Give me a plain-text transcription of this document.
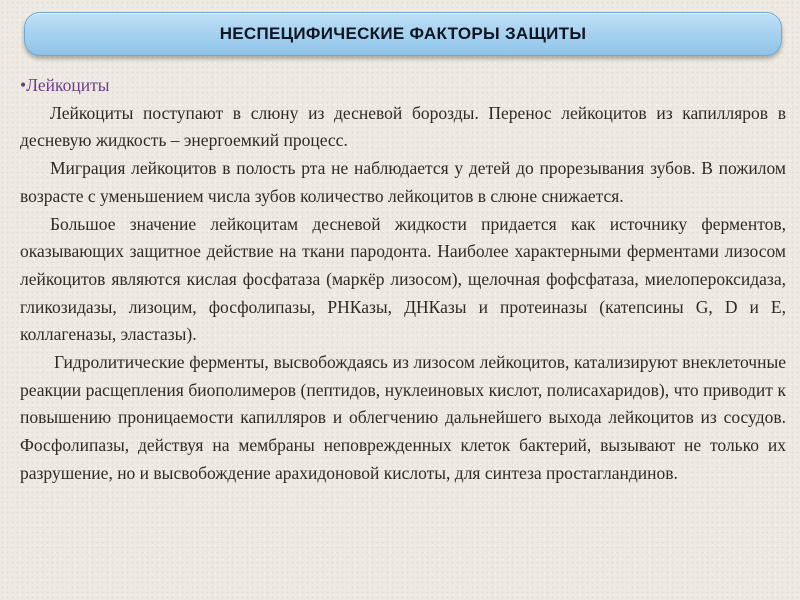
НЕСПЕЦИФИЧЕСКИЕ ФАКТОРЫ ЗАЩИТЫ

•Лейкоциты

Лейкоциты поступают в слюну из десневой борозды. Перенос лейкоцитов из капилляров в десневую жидкость – энергоемкий процесс.

Миграция лейкоцитов в полость рта не наблюдается у детей до прорезывания зубов. В пожилом возрасте с уменьшением числа зубов количество лейкоцитов в слюне снижается.

Большое значение лейкоцитам десневой жидкости придается как источнику ферментов, оказывающих защитное действие на ткани пародонта. Наиболее характерными ферментами лизосом лейкоцитов являются кислая фосфатаза (маркёр лизосом), щелочная фофсфатаза, миелопероксидаза, гликозидазы, лизоцим, фосфолипазы, РНКазы, ДНКазы и протеиназы (катепсины G, D и E, коллагеназы, эластазы).

Гидролитические ферменты, высвобождаясь из лизосом лейкоцитов, катализируют внеклеточные реакции расщепления биополимеров (пептидов, нуклеиновых кислот, полисахаридов), что приводит к повышению проницаемости капилляров и облегчению дальнейшего выхода лейкоцитов из сосудов. Фосфолипазы, действуя на мембраны неповрежденных клеток бактерий, вызывают не только их разрушение, но и высвобождение арахидоновой кислоты, для синтеза простагландинов.
